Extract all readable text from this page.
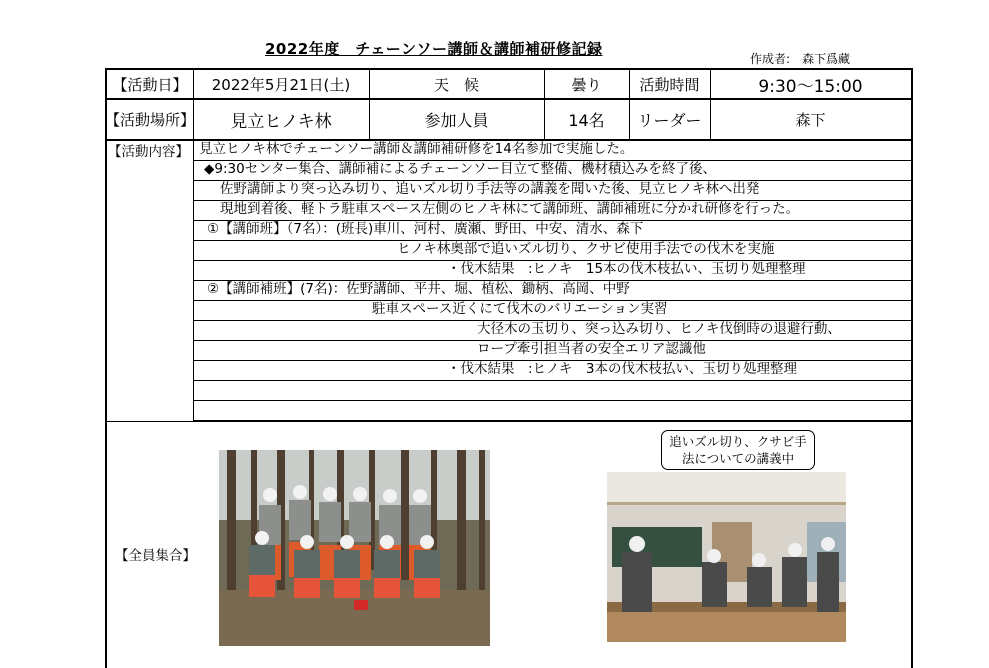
2022年度　チェーンソー講師＆講師補研修記録
作成者:　森下爲藏
【活動日】	2022年5月21日(土)	天　候	曇り	活動時間	9:30～15:00
【活動場所】	見立ヒノキ林	参加人員	14名	リーダー	森下
【活動内容】 見立ヒノキ林でチェーンソー講師＆講師補研修を14名参加で実施した。
◆9:30センター集合、講師補によるチェーンソー目立て整備、機材積込みを終了後、
佐野講師より突っ込み切り、追いズル切り手法等の講義を聞いた後、見立ヒノキ林へ出発
現地到着後、軽トラ駐車スペース左側のヒノキ林にて講師班、講師補班に分かれ研修を行った。
①【講師班】（7名）：(班長)車川、河村、廣瀬、野田、中安、清水、森下
ヒノキ林奥部で追いズル切り、クサビ使用手法での伐木を実施
・伐木結果　:ヒノキ　15本の伐木枝払い、玉切り処理整理
②【講師補班】(7名)：佐野講師、平井、堀、植松、鋤柄、高岡、中野
駐車スペース近くにて伐木のバリエーション実習
大径木の玉切り、突っ込み切り、ヒノキ伐倒時の退避行動、
ロープ牽引担当者の安全エリア認識他
・伐木結果　:ヒノキ　3本の伐木枝払い、玉切り処理整理
【全員集合】
追いズル切り、クサビ手
法についての講義中
